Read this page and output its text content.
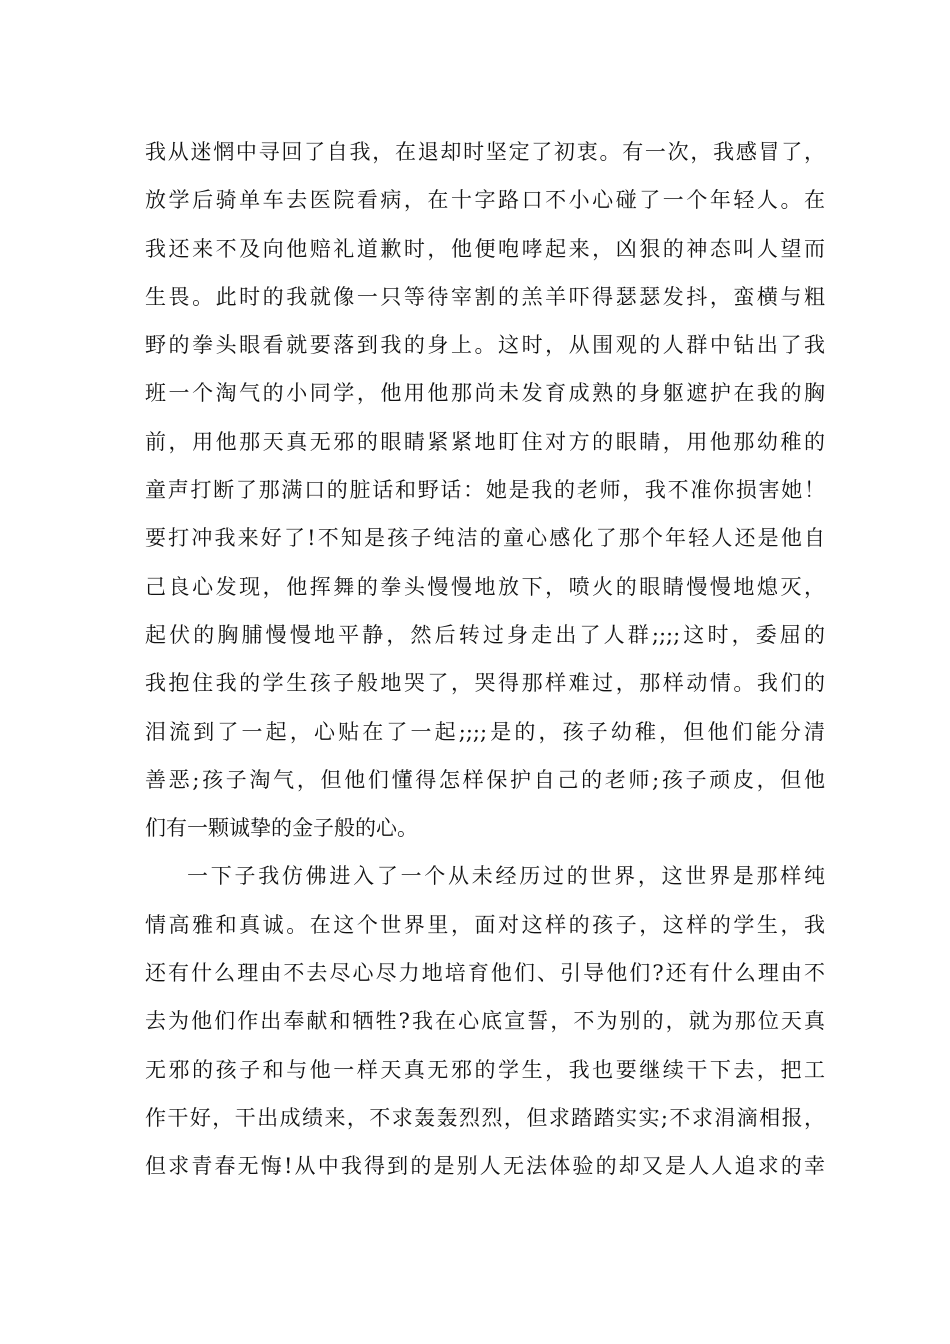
我从迷惘中寻回了自我，在退却时坚定了初衷。有一次，我感冒了，
放学后骑单车去医院看病，在十字路口不小心碰了一个年轻人。在
我还来不及向他赔礼道歉时，他便咆哮起来，凶狠的神态叫人望而
生畏。此时的我就像一只等待宰割的羔羊吓得瑟瑟发抖，蛮横与粗
野的拳头眼看就要落到我的身上。这时，从围观的人群中钻出了我
班一个淘气的小同学，他用他那尚未发育成熟的身躯遮护在我的胸
前，用他那天真无邪的眼睛紧紧地盯住对方的眼睛，用他那幼稚的
童声打断了那满口的脏话和野话：她是我的老师，我不准你损害她！
要打冲我来好了!不知是孩子纯洁的童心感化了那个年轻人还是他自
己良心发现，他挥舞的拳头慢慢地放下，喷火的眼睛慢慢地熄灭，
起伏的胸脯慢慢地平静，然后转过身走出了人群;;;;这时，委屈的
我抱住我的学生孩子般地哭了，哭得那样难过，那样动情。我们的
泪流到了一起，心贴在了一起;;;;是的，孩子幼稚，但他们能分清
善恶;孩子淘气，但他们懂得怎样保护自己的老师;孩子顽皮，但他
们有一颗诚挚的金子般的心。
一下子我仿佛进入了一个从未经历过的世界，这世界是那样纯
情高雅和真诚。在这个世界里，面对这样的孩子，这样的学生，我
还有什么理由不去尽心尽力地培育他们、引导他们?还有什么理由不
去为他们作出奉献和牺牲?我在心底宣誓，不为别的，就为那位天真
无邪的孩子和与他一样天真无邪的学生，我也要继续干下去，把工
作干好，干出成绩来，不求轰轰烈烈，但求踏踏实实;不求涓滴相报，
但求青春无悔!从中我得到的是别人无法体验的却又是人人追求的幸
